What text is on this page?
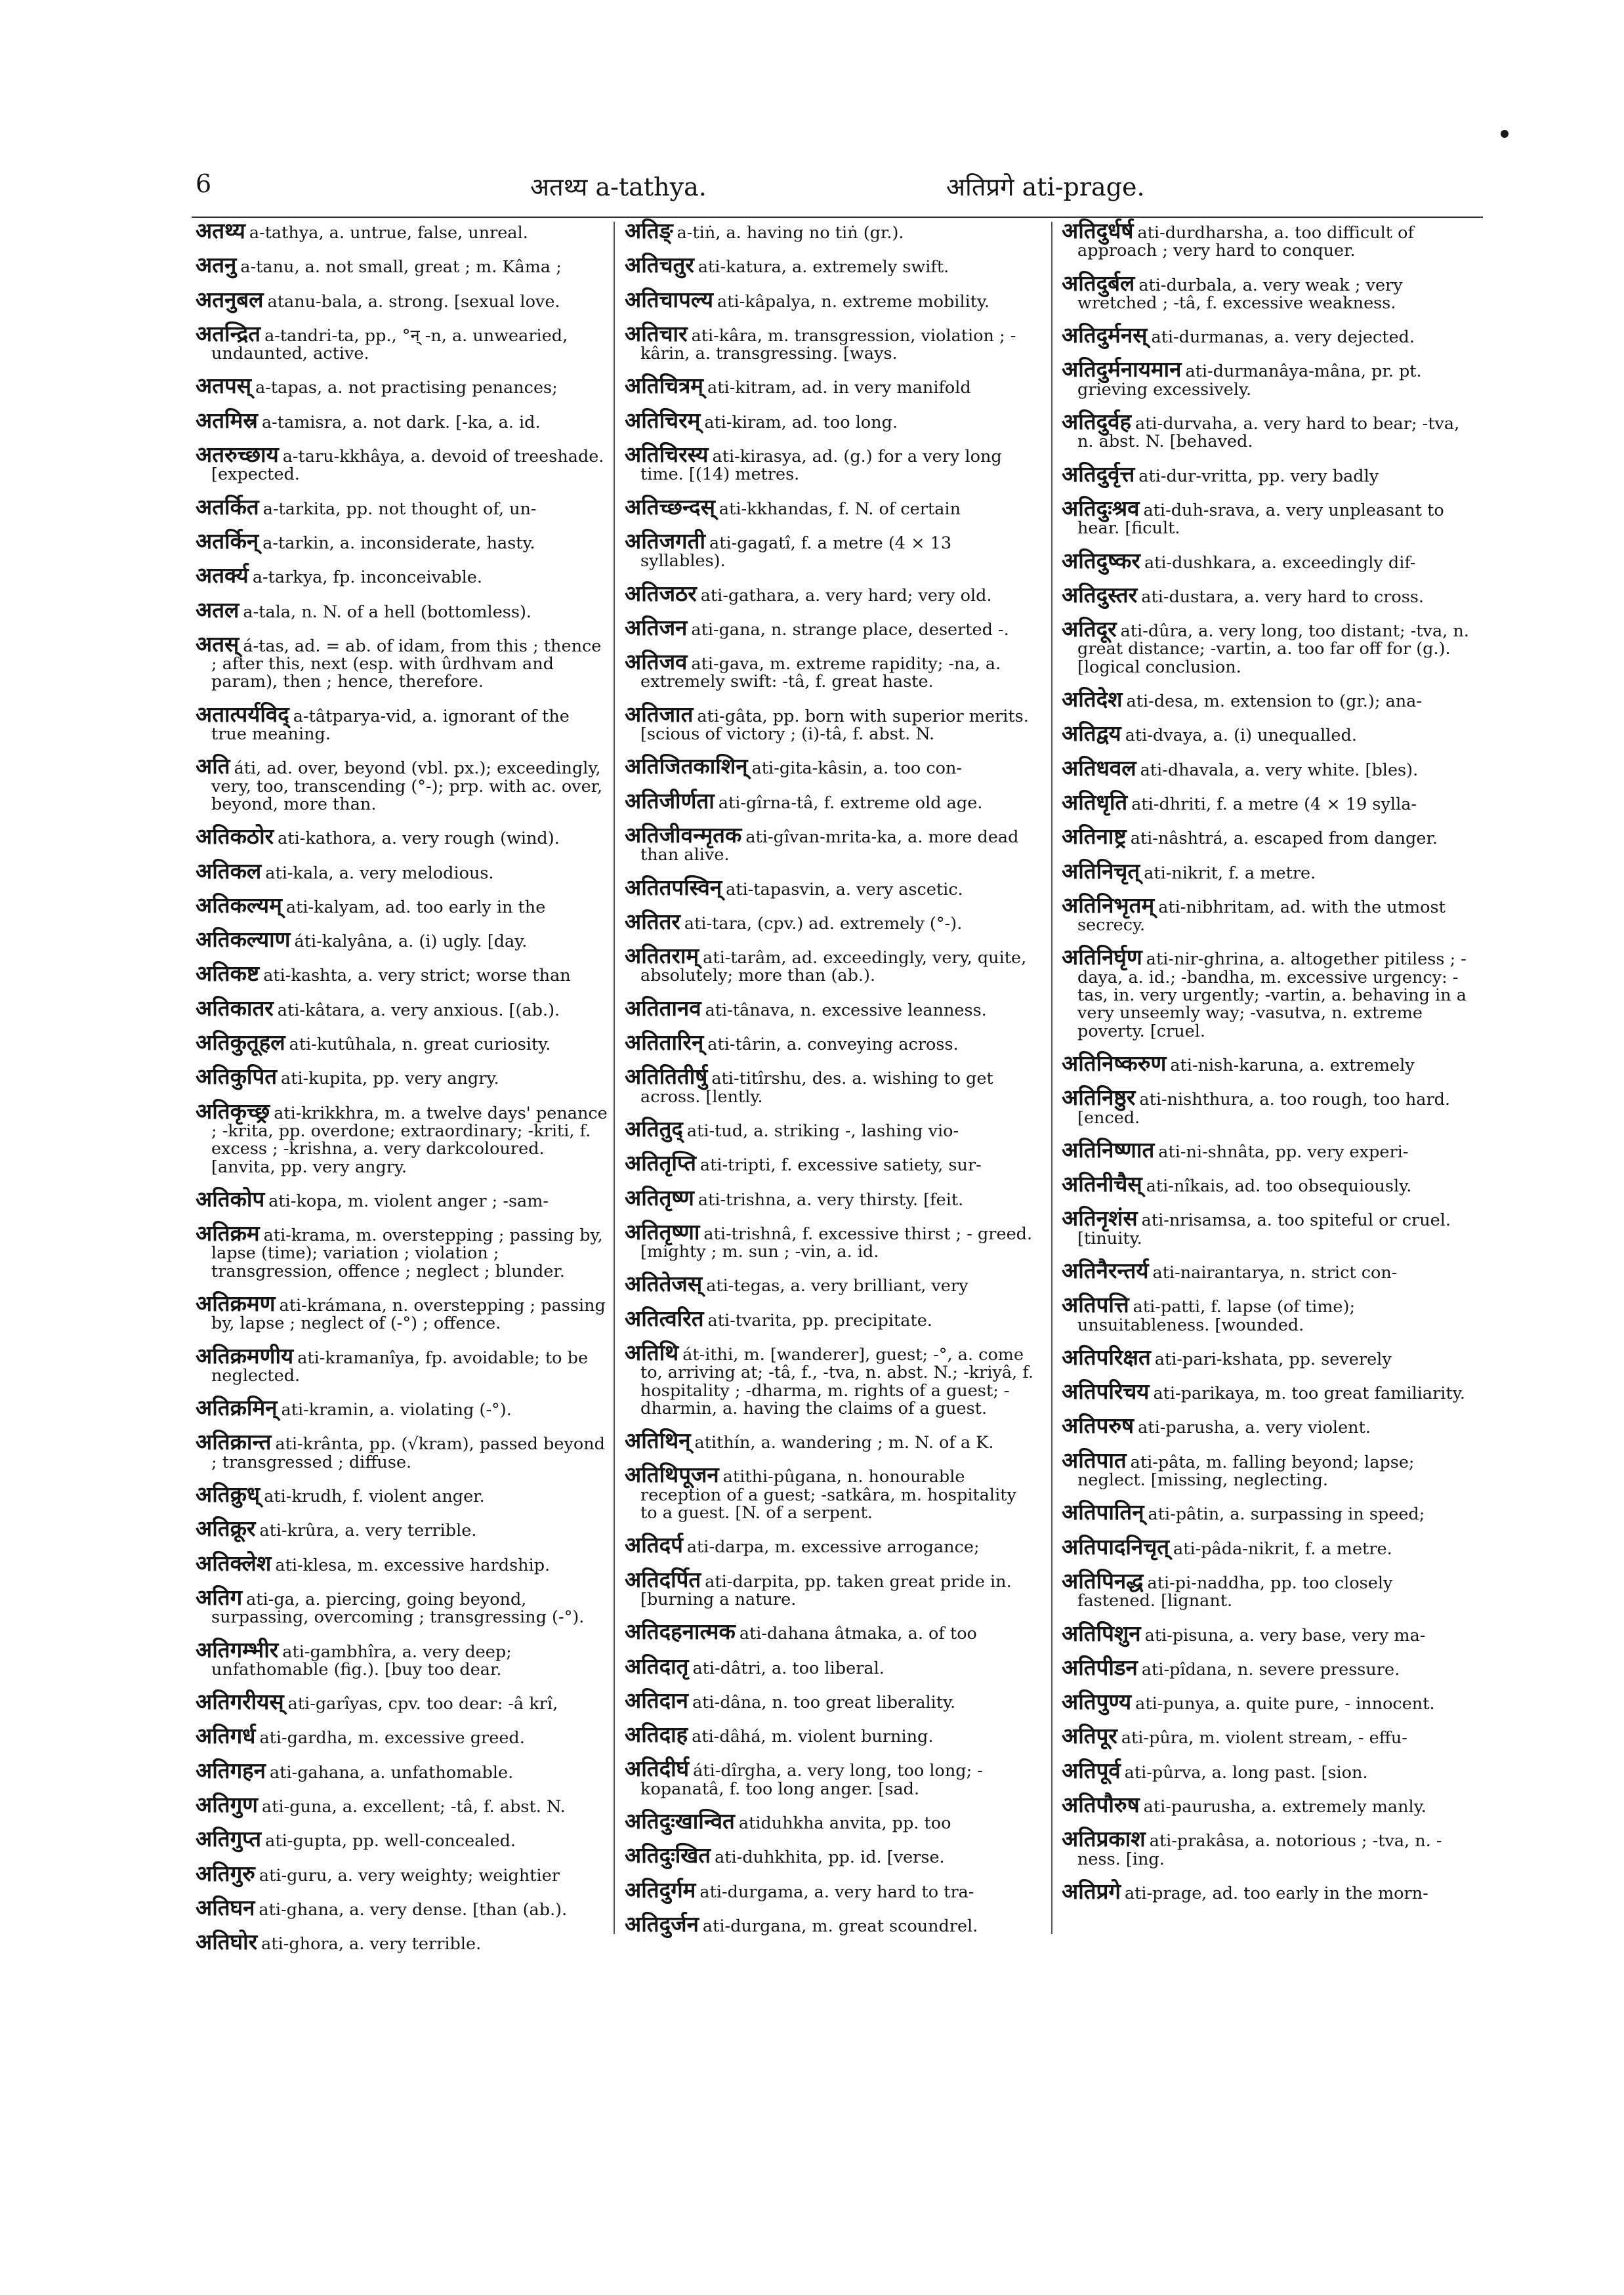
6	अतथ्य a-tathya.	अतिप्रगे ati-prage.
अतथ्य a-tathya, a. untrue, false, unreal.
अतनु a-tanu, a. not small, great ; m. Kâma ;
अतनुबल atanu-bala, a. strong. [sexual love.
अतन्द्रित a-tandri-ta, pp., °न् -n, a. unwearied, undaunted, active.
अतपस् a-tapas, a. not practising penances;
अतमिस्र a-tamisra, a. not dark. [-ka, a. id.
अतरुच्छाय a-taru-kkhâya, a. devoid of treeshade. [expected.
अतर्कित a-tarkita, pp. not thought of, un-
अतर्किन् a-tarkin, a. inconsiderate, hasty.
अतर्क्य a-tarkya, fp. inconceivable.
अतल a-tala, n. N. of a hell (bottomless).
अतस् á-tas, ad. = ab. of idam, from this ; thence ; after this, next (esp. with ûrdhvam and param), then ; hence, therefore.
अतात्पर्यविद् a-tâtparya-vid, a. ignorant of the true meaning.
अति áti, ad. over, beyond (vbl. px.); exceedingly, very, too, transcending (°-); prp. with ac. over, beyond, more than.
अतिकठोर ati-kathora, a. very rough (wind).
अतिकल ati-kala, a. very melodious.
अतिकल्यम् ati-kalyam, ad. too early in the
अतिकल्याण áti-kalyâna, a. (i) ugly. [day.
अतिकष्ट ati-kashta, a. very strict; worse than
अतिकातर ati-kâtara, a. very anxious. [(ab.).
अतिकुतूहल ati-kutûhala, n. great curiosity.
अतिकुपित ati-kupita, pp. very angry.
अतिकृच्छ्र ati-krikkhra, m. a twelve days' penance ; -krita, pp. overdone; extraordinary; -kriti, f. excess ; -krishna, a. very darkcoloured. [anvita, pp. very angry.
अतिकोप ati-kopa, m. violent anger ; -sam-
अतिक्रम ati-krama, m. overstepping ; passing by, lapse (time); variation ; violation ; transgression, offence ; neglect ; blunder.
अतिक्रमण ati-krámana, n. overstepping ; passing by, lapse ; neglect of (-°) ; offence.
अतिक्रमणीय ati-kramanîya, fp. avoidable; to be neglected.
अतिक्रमिन् ati-kramin, a. violating (-°).
अतिक्रान्त ati-krânta, pp. (√kram), passed beyond ; transgressed ; diffuse.
अतिक्रुध् ati-krudh, f. violent anger.
अतिक्रूर ati-krûra, a. very terrible.
अतिक्लेश ati-klesa, m. excessive hardship.
अतिग ati-ga, a. piercing, going beyond, surpassing, overcoming ; transgressing (-°).
अतिगम्भीर ati-gambhîra, a. very deep; unfathomable (fig.). [buy too dear.
अतिगरीयस् ati-garîyas, cpv. too dear: -â krî,
अतिगर्ध ati-gardha, m. excessive greed.
अतिगहन ati-gahana, a. unfathomable.
अतिगुण ati-guna, a. excellent; -tâ, f. abst. N.
अतिगुप्त ati-gupta, pp. well-concealed.
अतिगुरु ati-guru, a. very weighty; weightier
अतिघन ati-ghana, a. very dense. [than (ab.).
अतिघोर ati-ghora, a. very terrible.
अतिङ् a-tiṅ, a. having no tiṅ (gr.).
अतिचतुर ati-katura, a. extremely swift.
अतिचापल्य ati-kâpalya, n. extreme mobility.
अतिचार ati-kâra, m. transgression, violation ; -kârin, a. transgressing. [ways.
अतिचित्रम् ati-kitram, ad. in very manifold
अतिचिरम् ati-kiram, ad. too long.
अतिचिरस्य ati-kirasya, ad. (g.) for a very long time. [(14) metres.
अतिच्छन्दस् ati-kkhandas, f. N. of certain
अतिजगती ati-gagatî, f. a metre (4 × 13 syllables).
अतिजठर ati-gathara, a. very hard; very old.
अतिजन ati-gana, n. strange place, deserted -.
अतिजव ati-gava, m. extreme rapidity; -na, a. extremely swift: -tâ, f. great haste.
अतिजात ati-gâta, pp. born with superior merits. [scious of victory ; (i)-tâ, f. abst. N.
अतिजितकाशिन् ati-gita-kâsin, a. too con-
अतिजीर्णता ati-gîrna-tâ, f. extreme old age.
अतिजीवन्मृतक ati-gîvan-mrita-ka, a. more dead than alive.
अतितपस्विन् ati-tapasvin, a. very ascetic.
अतितर ati-tara, (cpv.) ad. extremely (°-).
अतितराम् ati-tarâm, ad. exceedingly, very, quite, absolutely; more than (ab.).
अतितानव ati-tânava, n. excessive leanness.
अतितारिन् ati-târin, a. conveying across.
अतितितीर्षु ati-titîrshu, des. a. wishing to get across. [lently.
अतितुद् ati-tud, a. striking -, lashing vio-
अतितृप्ति ati-tripti, f. excessive satiety, sur-
अतितृष्ण ati-trishna, a. very thirsty. [feit.
अतितृष्णा ati-trishnâ, f. excessive thirst ; - greed. [mighty ; m. sun ; -vin, a. id.
अतितेजस् ati-tegas, a. very brilliant, very
अतित्वरित ati-tvarita, pp. precipitate.
अतिथि át-ithi, m. [wanderer], guest; -°, a. come to, arriving at; -tâ, f., -tva, n. abst. N.; -kriyâ, f. hospitality ; -dharma, m. rights of a guest; -dharmin, a. having the claims of a guest.
अतिथिन् atithín, a. wandering ; m. N. of a K.
अतिथिपूजन atithi-pûgana, n. honourable reception of a guest; -satkâra, m. hospitality to a guest. [N. of a serpent.
अतिदर्प ati-darpa, m. excessive arrogance;
अतिदर्पित ati-darpita, pp. taken great pride in. [burning a nature.
अतिदहनात्मक ati-dahana âtmaka, a. of too
अतिदातृ ati-dâtri, a. too liberal.
अतिदान ati-dâna, n. too great liberality.
अतिदाह ati-dâhá, m. violent burning.
अतिदीर्घ áti-dîrgha, a. very long, too long; -kopanatâ, f. too long anger. [sad.
अतिदुःखान्वित atiduhkha anvita, pp. too
अतिदुःखित ati-duhkhita, pp. id. [verse.
अतिदुर्गम ati-durgama, a. very hard to tra-
अतिदुर्जन ati-durgana, m. great scoundrel.
अतिदुर्धर्ष ati-durdharsha, a. too difficult of approach ; very hard to conquer.
अतिदुर्बल ati-durbala, a. very weak ; very wretched ; -tâ, f. excessive weakness.
अतिदुर्मनस् ati-durmanas, a. very dejected.
अतिदुर्मनायमान ati-durmanâya-mâna, pr. pt. grieving excessively.
अतिदुर्वह ati-durvaha, a. very hard to bear; -tva, n. abst. N. [behaved.
अतिदुर्वृत्त ati-dur-vritta, pp. very badly
अतिदुःश्रव ati-duh-srava, a. very unpleasant to hear. [ficult.
अतिदुष्कर ati-dushkara, a. exceedingly dif-
अतिदुस्तर ati-dustara, a. very hard to cross.
अतिदूर ati-dûra, a. very long, too distant; -tva, n. great distance; -vartin, a. too far off for (g.). [logical conclusion.
अतिदेश ati-desa, m. extension to (gr.); ana-
अतिद्वय ati-dvaya, a. (i) unequalled.
अतिधवल ati-dhavala, a. very white. [bles).
अतिधृति ati-dhriti, f. a metre (4 × 19 sylla-
अतिनाष्ट्र ati-nâshtrá, a. escaped from danger.
अतिनिचृत् ati-nikrit, f. a metre.
अतिनिभृतम् ati-nibhritam, ad. with the utmost secrecy.
अतिनिर्घृण ati-nir-ghrina, a. altogether pitiless ; -daya, a. id.; -bandha, m. excessive urgency: -tas, in. very urgently; -vartin, a. behaving in a very unseemly way; -vasutva, n. extreme poverty. [cruel.
अतिनिष्करुण ati-nish-karuna, a. extremely
अतिनिष्ठुर ati-nishthura, a. too rough, too hard. [enced.
अतिनिष्णात ati-ni-shnâta, pp. very experi-
अतिनीचैस् ati-nîkais, ad. too obsequiously.
अतिनृशंस ati-nrisamsa, a. too spiteful or cruel. [tinuity.
अतिनैरन्तर्य ati-nairantarya, n. strict con-
अतिपत्ति ati-patti, f. lapse (of time); unsuitableness. [wounded.
अतिपरिक्षत ati-pari-kshata, pp. severely
अतिपरिचय ati-parikaya, m. too great familiarity.
अतिपरुष ati-parusha, a. very violent.
अतिपात ati-pâta, m. falling beyond; lapse; neglect. [missing, neglecting.
अतिपातिन् ati-pâtin, a. surpassing in speed;
अतिपादनिचृत् ati-pâda-nikrit, f. a metre.
अतिपिनद्ध ati-pi-naddha, pp. too closely fastened. [lignant.
अतिपिशुन ati-pisuna, a. very base, very ma-
अतिपीडन ati-pîdana, n. severe pressure.
अतिपुण्य ati-punya, a. quite pure, - innocent.
अतिपूर ati-pûra, m. violent stream, - effu-
अतिपूर्व ati-pûrva, a. long past. [sion.
अतिपौरुष ati-paurusha, a. extremely manly.
अतिप्रकाश ati-prakâsa, a. notorious ; -tva, n. -ness. [ing.
अतिप्रगे ati-prage, ad. too early in the morn-
